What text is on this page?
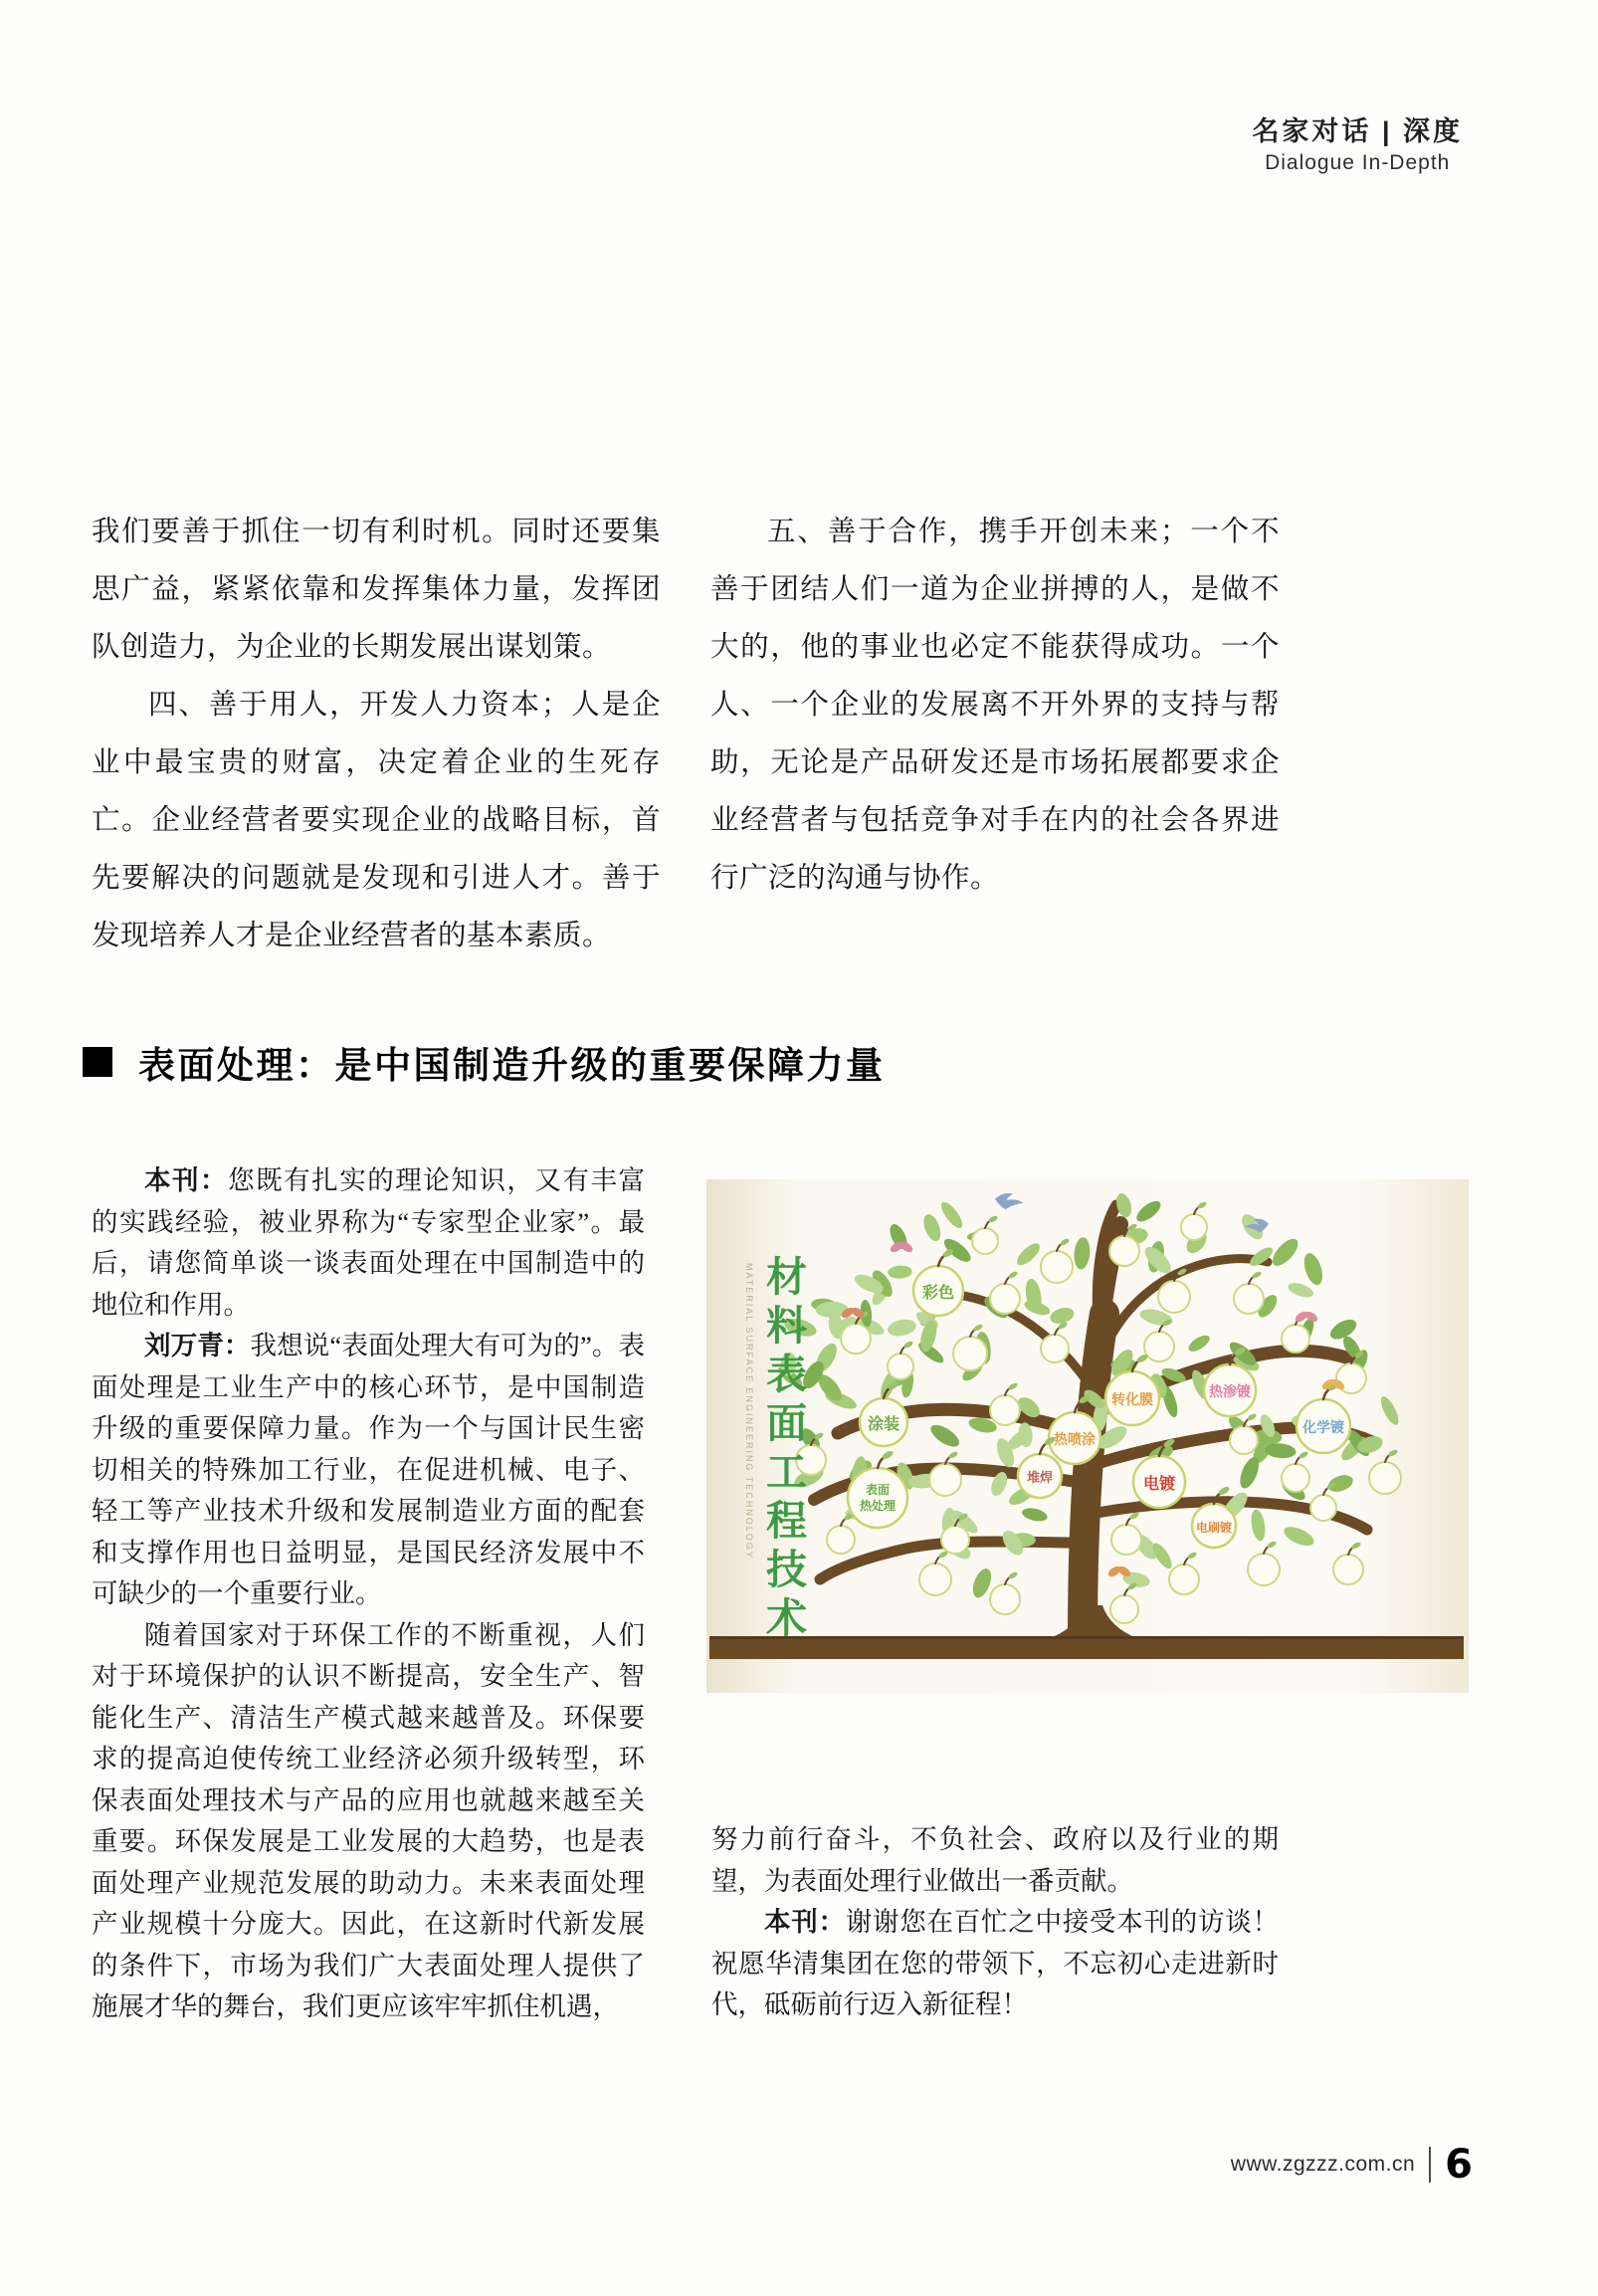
名家对话 | 深度
Dialogue In-Depth

我们要善于抓住一切有利时机。同时还要集思广益，紧紧依靠和发挥集体力量，发挥团队创造力，为企业的长期发展出谋划策。

四、善于用人，开发人力资本；人是企业中最宝贵的财富，决定着企业的生死存亡。企业经营者要实现企业的战略目标，首先要解决的问题就是发现和引进人才。善于发现培养人才是企业经营者的基本素质。

五、善于合作，携手开创未来；一个不善于团结人们一道为企业拼搏的人，是做不大的，他的事业也必定不能获得成功。一个人、一个企业的发展离不开外界的支持与帮助，无论是产品研发还是市场拓展都要求企业经营者与包括竞争对手在内的社会各界进行广泛的沟通与协作。

表面处理：是中国制造升级的重要保障力量

本刊：您既有扎实的理论知识，又有丰富的实践经验，被业界称为“专家型企业家”。最后，请您简单谈一谈表面处理在中国制造中的地位和作用。

刘万青：我想说“表面处理大有可为的”。表面处理是工业生产中的核心环节，是中国制造升级的重要保障力量。作为一个与国计民生密切相关的特殊加工行业，在促进机械、电子、轻工等产业技术升级和发展制造业方面的配套和支撑作用也日益明显，是国民经济发展中不可缺少的一个重要行业。

随着国家对于环保工作的不断重视，人们对于环境保护的认识不断提高，安全生产、智能化生产、清洁生产模式越来越普及。环保要求的提高迫使传统工业经济必须升级转型，环保表面处理技术与产品的应用也就越来越至关重要。环保发展是工业发展的大趋势，也是表面处理产业规范发展的助动力。未来表面处理产业规模十分庞大。因此，在这新时代新发展的条件下，市场为我们广大表面处理人提供了施展才华的舞台，我们更应该牢牢抓住机遇，

彩色
转化膜
热喷涂
涂装
表面
热处理
堆焊	电镀
热渗镀
化学镀
电刷镀
MATERIAL SURFACE ENGINEERING TECHNOLOGY 材料表面工程技术

努力前行奋斗，不负社会、政府以及行业的期望，为表面处理行业做出一番贡献。

本刊：谢谢您在百忙之中接受本刊的访谈！祝愿华清集团在您的带领下，不忘初心走进新时代，砥砺前行迈入新征程！

www.zgzzz.com.cn 6
